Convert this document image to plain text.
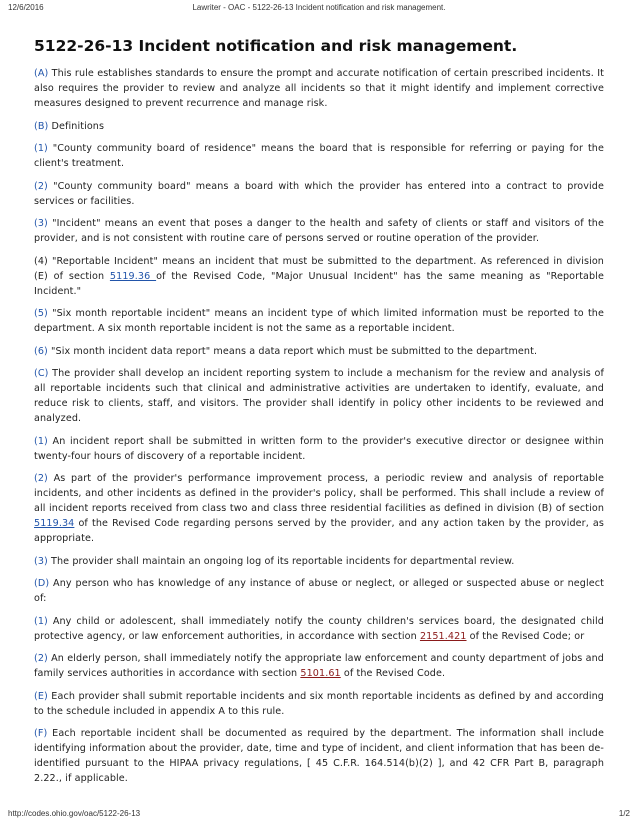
12/6/2016	Lawriter - OAC - 5122-26-13 Incident notification and risk management.
5122-26-13 Incident notification and risk management.

(A) This rule establishes standards to ensure the prompt and accurate notification of certain prescribed incidents. It also requires the provider to review and analyze all incidents so that it might identify and implement corrective measures designed to prevent recurrence and manage risk.

(B) Definitions

(1) "County community board of residence" means the board that is responsible for referring or paying for the client's treatment.

(2) "County community board" means a board with which the provider has entered into a contract to provide services or facilities.

(3) "Incident" means an event that poses a danger to the health and safety of clients or staff and visitors of the provider, and is not consistent with routine care of persons served or routine operation of the provider.

(4) "Reportable Incident" means an incident that must be submitted to the department. As referenced in division (E) of section 5119.36 of the Revised Code, "Major Unusual Incident" has the same meaning as "Reportable Incident."

(5) "Six month reportable incident" means an incident type of which limited information must be reported to the department. A six month reportable incident is not the same as a reportable incident.

(6) "Six month incident data report" means a data report which must be submitted to the department.

(C) The provider shall develop an incident reporting system to include a mechanism for the review and analysis of all reportable incidents such that clinical and administrative activities are undertaken to identify, evaluate, and reduce risk to clients, staff, and visitors. The provider shall identify in policy other incidents to be reviewed and analyzed.

(1) An incident report shall be submitted in written form to the provider's executive director or designee within twenty-four hours of discovery of a reportable incident.

(2) As part of the provider's performance improvement process, a periodic review and analysis of reportable incidents, and other incidents as defined in the provider's policy, shall be performed. This shall include a review of all incident reports received from class two and class three residential facilities as defined in division (B) of section 5119.34 of the Revised Code regarding persons served by the provider, and any action taken by the provider, as appropriate.

(3) The provider shall maintain an ongoing log of its reportable incidents for departmental review.

(D) Any person who has knowledge of any instance of abuse or neglect, or alleged or suspected abuse or neglect of:

(1) Any child or adolescent, shall immediately notify the county children's services board, the designated child protective agency, or law enforcement authorities, in accordance with section 2151.421 of the Revised Code; or

(2) An elderly person, shall immediately notify the appropriate law enforcement and county department of jobs and family services authorities in accordance with section 5101.61 of the Revised Code.

(E) Each provider shall submit reportable incidents and six month reportable incidents as defined by and according to the schedule included in appendix A to this rule.

(F) Each reportable incident shall be documented as required by the department. The information shall include identifying information about the provider, date, time and type of incident, and client information that has been de-identified pursuant to the HIPAA privacy regulations, [ 45 C.F.R. 164.514(b)(2) ], and 42 CFR Part B, paragraph 2.22., if applicable.

http://codes.ohio.gov/oac/5122-26-13	1/2
